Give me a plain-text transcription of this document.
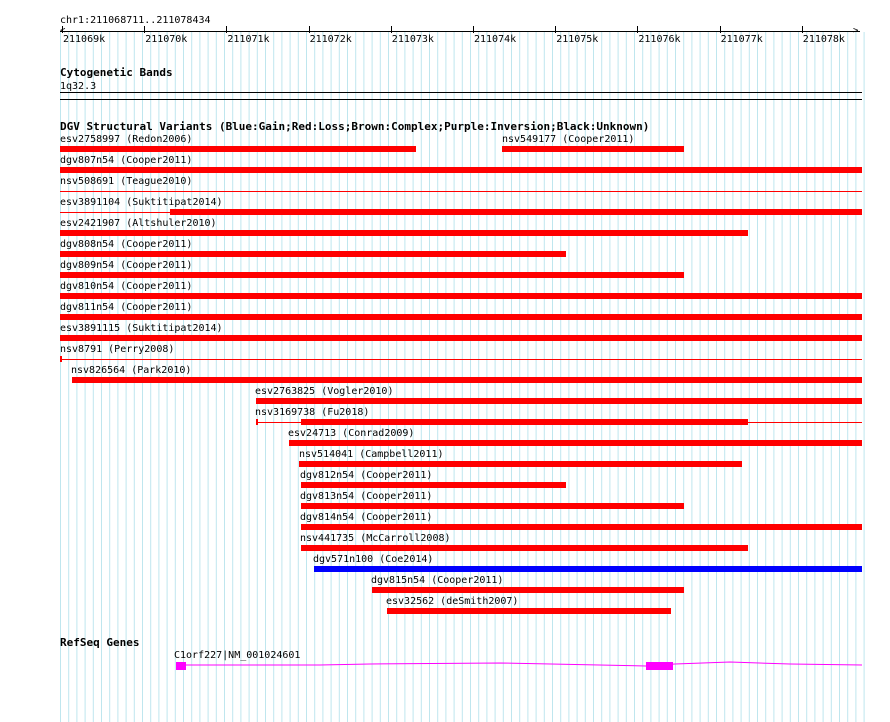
chr1:211068711..211078434
<	>
211069k	211070k	211071k	211072k	211073k	211074k	211075k	211076k	211077k	211078k
Cytogenetic Bands
1q32.3
DGV Structural Variants (Blue:Gain;Red:Loss;Brown:Complex;Purple:Inversion;Black:Unknown)
esv2758997 (Redon2006)	nsv549177 (Cooper2011)
dgv807n54 (Cooper2011)
nsv508691 (Teague2010)
esv3891104 (Suktitipat2014)
esv2421907 (Altshuler2010)
dgv808n54 (Cooper2011)
dgv809n54 (Cooper2011)
dgv810n54 (Cooper2011)
dgv811n54 (Cooper2011)
esv3891115 (Suktitipat2014)
nsv8791 (Perry2008)
nsv826564 (Park2010)
esv2763825 (Vogler2010)
nsv3169738 (Fu2018)
esv24713 (Conrad2009)
nsv514041 (Campbell2011)
dgv812n54 (Cooper2011)
dgv813n54 (Cooper2011)
dgv814n54 (Cooper2011)
nsv441735 (McCarroll2008)
dgv571n100 (Coe2014)
dgv815n54 (Cooper2011)
esv32562 (deSmith2007)
RefSeq Genes
C1orf227|NM_001024601
